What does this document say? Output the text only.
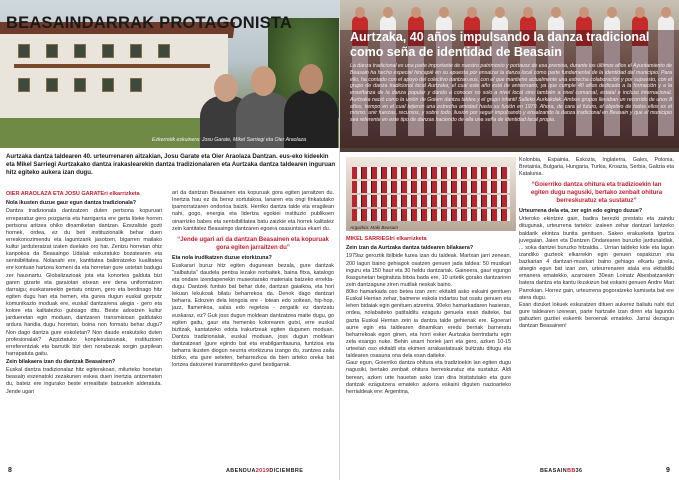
BEASAINDARRAK PROTAGONISTA
Ezkerretik eskuinera: Josu Garate, Mikel Sarriegi eta Oier Araolaza
Aurtzaka dantza taldearen 40. urteurrenaren aitzakian, Josu Garate eta Oier Araolaza Dantzan. eus-eko kideekin eta Mikel Sarriegi Aurtzakako dantza irakaslearekin dantza tradizionalaren eta Aurtzaka dantza taldearen inguruan hitz egiteko aukera izan dugu.
OIER ARAOLAZA ETA JOSU GARATEri elkarrizketa

Nola ikusten duzue gaur egun dantza tradizionala?

Dantza tradizionala dantzatzen duten pertsona kopuruari erreparatuz gero pozgarria eta harrigarria ere gerta liteke horren pertsona aritzea ohiko dinamiketan dantzan. Ezezaliste gozti hornek, ordea, ez du beti instituzionalik behar duen erreskonozimendu eta laguntzarik jasotzen, bigarren mailako kultur jarduteratzat izaten duelako oro har. Zentzu horretan ohiz kanpokoa da Beasaingo Udalak eskuratuko bozatearen eta sentsibilitatea. Nolanahi ere, kantitatea balioratzeko kualitatea ere kontuan hartzea komeni da eta horretan gure ustetan badugu zer hausnartu. Globalizazioak jota eta konortea galduta bizi garen gizarte eta garaiotan etxean ere dena uniformatzen darraigu; euskarareekin gertatu ontzen, gero eta berdinago hitz egiten dugu han eta hemen, eta gurea dugun euskal gorputz komunikazio moduak ere, euskal dantzarena alegia - gero eta kolore eta kalitatezko gutxiago ditu. Beste adostzen kultur jardueretan egin moduan, dantzaren transmisioan galdutako ardura handia dugu horretan, boina non formatu behar dugu? Non dago dantza gure eskoletan? Non daude erakutsiko duten profesionalak? Azpiztatuko konplexutasunak, instituzioen erreferentziak eta barrutik bizi den norabezak sorgin gurpilean harrapatuta gaitu.

Zein bilakaera izan du dantzak Beasainen?

Euskal dantza tradizionalaz hitz egiterakoan, milurteko honetan beasaiņ eszenatoki zezakunen eskea duen inertzia antzematen du, bateiz ere ingurako beste erreailtate batzuekin alderatuta. Jende ugari

ari da dantzan Beasainen eta kopuruak gora egiten jarraitzen du. Inertzia hau ez da berez sortutakoa, lanaren eta ongi finkatutako ipamorratzaren ondorioa baizik. Herriko dantza talde eta eragilean nahi, gogo, energia eta lidertza egokiei instituzio publikoen oinarrizko babes eta sentsibilitatea batu zaizkie eta horrek kalitatez zein kantitatez Beasaingo dantzaren egoera osasuntsua ekarri du.

“Jende ugari ari da dantzan Beasainen eta kopuruak gora egiten jarraitzen du”

Eta nola irudikatzen duzue etorkizuna?

Euskarari buruz hitz egiten dugunean bezala, gure dantzak "salbatuta" daudela pentsa lezake norbaitek, baina fitxa, katalogo eta ondare izendapenekin museotarako materiala batzeko errekta-dugu. Dantzek funtsio bat behar dute, dantzan gaiaikoa, eta hori lekuan lekukoak bilatu beharrekoa da. Denok dago dantzari beharra. Edozein dela leingoia ere - lotean edo soltean, hip-hop, jazz, flamenkoa, salsa edo regetoia - zergatik ez dantzatu euskaraz, ez? Guk joss dugun moldean dantzatzea maite dugu, go egiten gaitu, gaur eta hemenko kolorearen gutxi, erre euskal bizitzak, kantatzeko edota irakurtzeak egiten dugunen moduan. Dantza tradizionalak, euskal moduan, joss dugun moldean dantzatzeari (gure egindo bat eta erabilgarritasuna, funtzioa eta beharra ikusten diogun neurria etorkizuna izango du, zantzea zaila biziko, eta gure seteten, beharrezkoa da bien arteko oreka bat lortzea datozenei transmititzeko gurel bestigarrak.

8	ABENDUA2019DICIEMBRE
Aurtzaka, 40 años impulsando la danza tradicional como seña de identidad de Beasain
La danza tradicional es una parte importante de nuestro patrimonio y portavoz de esa premisa, durante los últimos años el Ayuntamiento de Beasain ha hecho especial hincapié en su apuesta por ensalzar la danza local como parte fundamental de la identidad del municipio. Para ello, ha contado con el apoyo del colectivo dantzan.eus, con el que mantiene actualmente una estrecha colaboración y por supuesto, con el grupo de danza tradicional local Aurtzaka, el cual este año está de aniversario, ya que cumple 40 años dedicado a la formación y a la enseñanza de la danza popular y dando a conocer no solo a nivel local sino también a nivel comarcal, estatal e incluso internacional. Aurtzaka nació como la unión de Goiern dantza taldea y el grupo infantil Salleko Aurkakdak. Ambos grupos llevaban un recorrido de unos 8 años, tiempo en el cual tejieron una estrecha amistad hasta su fusión en 1979. Ahora, de cara al futuro, el objetivo de todos ellos es el mismo: unir fuerzas, recursos, y sobre todo, ilusión por seguir impulsando y ensalzando la danza tradicional en Beasain y que el municipio sea referente en este tipo de danzas haciendo de ella una seña de identidad local propia.
Argazkia: Maki Beasain
MIKEL SARRIEGIri elkarrizketa

Zein izan da Aurtzaka dantza taldearen bilakaera?

1979az geroztik ibilbide luzea izan du taldeak. Martxan jarri zenean, 200 lagun baino gehiagok osatzen genuen jada taldea: 50 musikari inguru eta 150 haur eta 30 heldu dantzariak. Gaineera, gaur egungo ikasgunetan begiratuta bitxia bada ere, 10 urtetik gorako dantzariren zein dantzagune ziren mutilak neskak baino.
80ko hamarkada oso betea izan zen: ekitaldi asko eskaini genituen Euskal Herrian zehar, baimene eskola indartsu bat osatu genuen eta lehen bidaiak egin genituen atzerrira. 90eko hamarkadaren hasieran, ordea, nolabaiteko patitalditu ezagutu genuela esan daiteke, bai gazta Euskal Herrian zein ia dantza talde gehienak ere. Egoerari aurre egin eta taldearen dinamikan eredu berriak barneratu beharrekoak egon ginen, eta horri esker Aurtzaka berrindartu egin zela esango nuke. Behin unarri horiek jarri eta gero, azken 10-15 urteetan oso ekitaldi eta ekimen arrakastatsuak bultzatu ditugu eta taldearen osasuna ona dela esan daiteke.
Gaur egun, Goierriko dantza ohitura eta tradizioekin lan egiten dugu nagusiki, bertako zenbait ohitura berreskuratuz eta sustatuz. Aldi berean, azken urte hauetan asko izan dira bisitatutako eta gure dantzak ezagutzera emateko aukera eskaini diguten nazioarteko herrialdeak ere: Argentina,

Kolonbia, Espainia, Eskozia, Inglaterra, Gales, Polonia, Bretainia, Bulgaria, Hungaria, Turkia, Kroazia, Serbia, Galizia eta Katalunia.

“Goierriko dantza ohitura eta tradizioekin lan egiten dugu nagusiki, bertako zenbait ohitura berreskuratuz eta sustatuz”

Urteurrena dela eta, zer egin edo egingo duzue?

Urteroko ekintzez gain, badira berezki prestatu eta zaindu ditugunak, urteurrena tarteko: izaleen zehar dantzari lantzeko baldarik ekintza bunita genituen. Sakeo erakusketa Igartza juvegaian, Jaien eta Dantzen Ondarearen buruzko jardunaldiak, ... soka dantzei buruzko hitzaldia... Urrian taldeko kide eta lagun izandiko guzteok elkarrekin egin genuen ospakizun eta bazkarian 4 dantzari-musikari baino gehiago elkartu ginela, atsegin egun bat izan zen, urteurrenaren atala era ekitaldiki emanera ematekko, azaroaren 30ean Loinatz Abesbatzarekin batera dantza eta kantu ikuskizun bat eskaini genuen Andre Mari Parrokian. Horrez gain, urteurrena gogoratzeko kamiseta bat ere atera dugu.
Esan dizuket lokuek eskuratzen dituen aukerez baliatu nahi dut gure taldearen izenean, parte hartzaile izan diren eta lagundu gaituzten guztiei eskerrik beroenak emateko. Jarrai dezagun dantzan Beasainen!

BEASAINBB36	9
